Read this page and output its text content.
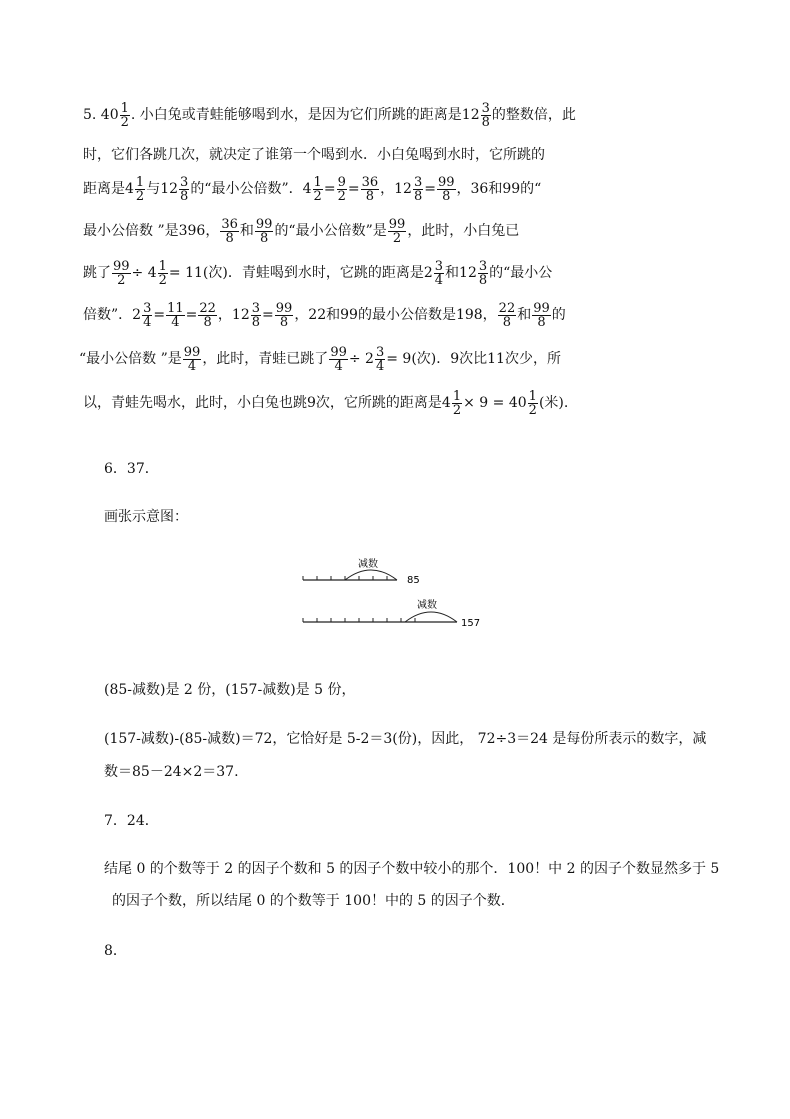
5. $40 \frac{1}{2}$ . 小白兔或青蛙能够喝到水，是因为它们所跳的距离是$12 \frac{3}{8}$ 的整数倍，此
时，它们各跳几次，就决定了谁第一个喝到水．小白兔喝到水时，它所跳的
距离是$4 \frac{1}{2}$ 与$12 \frac{3}{8}$ 的“最小公倍数”．$4 \frac{1}{2} = \frac{9}{2} = \frac{36}{8}$ ，$12 \frac{3}{8} = \frac{99}{8}$ ，36和99的“
最小公倍数 ”是396， $\frac{36}{8}$ 和 $\frac{99}{8}$ 的“最小公倍数”是 $\frac{99}{2}$ ，此时，小白兔已
跳了 $\frac{99}{2} \div 4 \frac{1}{2} = 11$(次)．青蛙喝到水时，它跳的距离是$2 \frac{3}{4}$ 和$12 \frac{3}{8}$ 的“最小公
倍数”．$2 \frac{3}{4} = \frac{11}{4} = \frac{22}{8}$ ，$12 \frac{3}{8} = \frac{99}{8}$ ，22和99的最小公倍数是198， $\frac{22}{8}$ 和 $\frac{99}{8}$ 的
“最小公倍数 ”是 $\frac{99}{4}$ ，此时，青蛙已跳了 $\frac{99}{4} \div 2 \frac{3}{4} = 9$(次)．9次比11次少，所
以，青蛙先喝水，此时，小白兔也跳9次，它所跳的距离是$4 \frac{1}{2} \times 9 = 40 \frac{1}{2}$ (米).
6．37．
画张示意图：
减数
85
减数
157
(85-减数)是 2 份，(157-减数)是 5 份，
(157-减数)-(85-减数)＝72，它恰好是 5-2＝3(份)，因此， 72÷3＝24 是每份所表示的数字，减
数＝85－24×2＝37.
7．24．
结尾 0 的个数等于 2 的因子个数和 5 的因子个数中较小的那个．100！中 2 的因子个数显然多于 5
的因子个数，所以结尾 0 的个数等于 100！中的 5 的因子个数．
8．
